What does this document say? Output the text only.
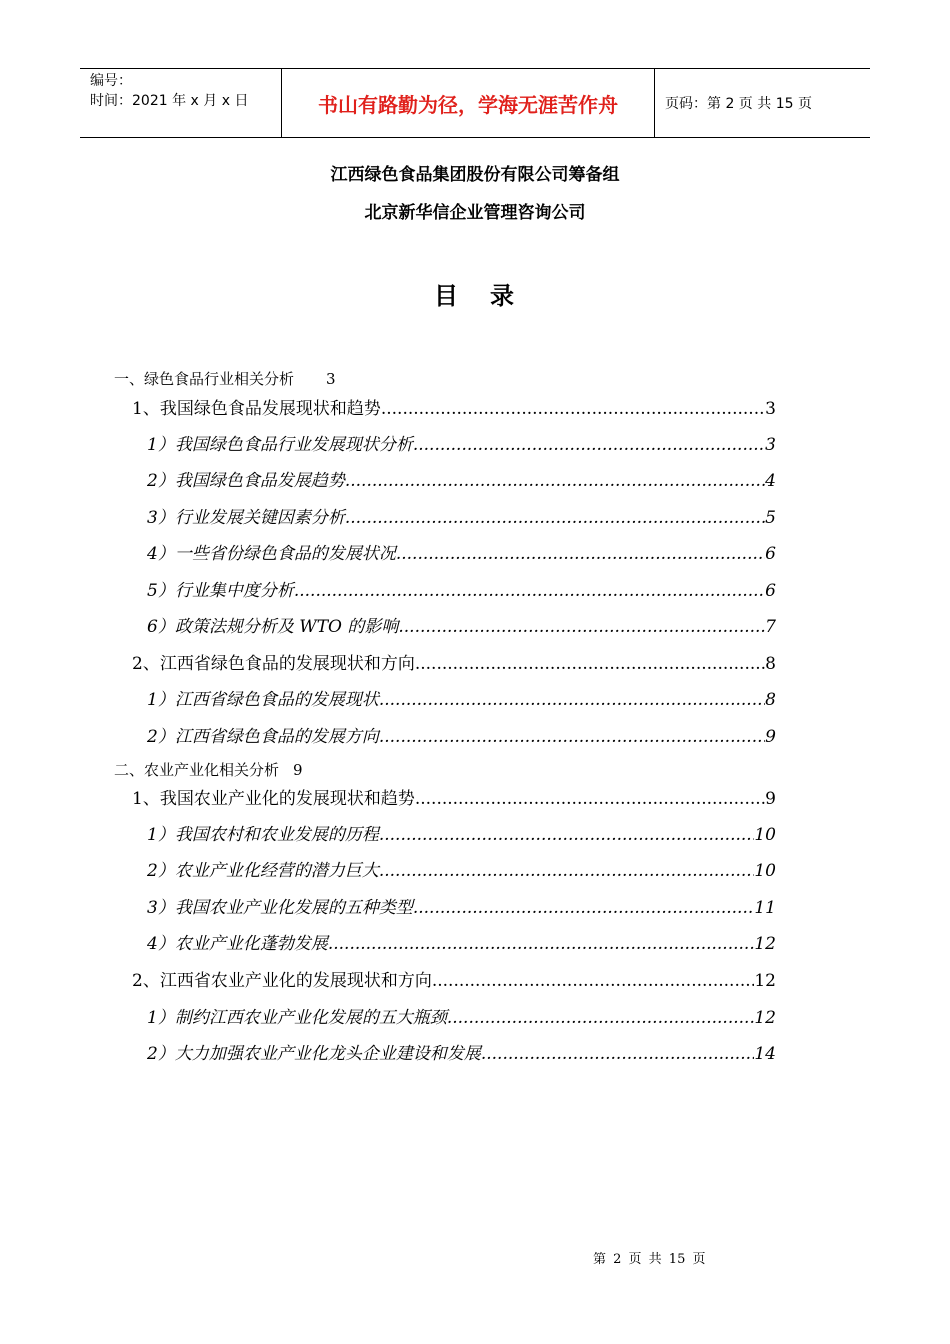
编号：
时间：2021 年 x 月 x 日	书山有路勤为径，学海无涯苦作舟	页码：第 2 页 共 15 页
江西绿色食品集团股份有限公司筹备组
北京新华信企业管理咨询公司
目 录
一、绿色食品行业相关分析 3
1、我国绿色食品发展现状和趋势 .....	3
1）我国绿色食品行业发展现状分析 .....	3
2）我国绿色食品发展趋势 .....	4
3）行业发展关键因素分析 .....	5
4）一些省份绿色食品的发展状况 .....	6
5）行业集中度分析 .....	6
6）政策法规分析及 WTO 的影响 .....	7
2、江西省绿色食品的发展现状和方向 .....	8
1）江西省绿色食品的发展现状 .....	8
2）江西省绿色食品的发展方向 .....	9
二、农业产业化相关分析 9
1、我国农业产业化的发展现状和趋势 .....	9
1）我国农村和农业发展的历程 .....	10
2）农业产业化经营的潜力巨大 .....	10
3）我国农业产业化发展的五种类型 .....	11
4）农业产业化蓬勃发展 .....	12
2、江西省农业产业化的发展现状和方向 .....	12
1）制约江西农业产业化发展的五大瓶颈 .....	12
2）大力加强农业产业化龙头企业建设和发展 .....	14
第 2 页 共 15 页
